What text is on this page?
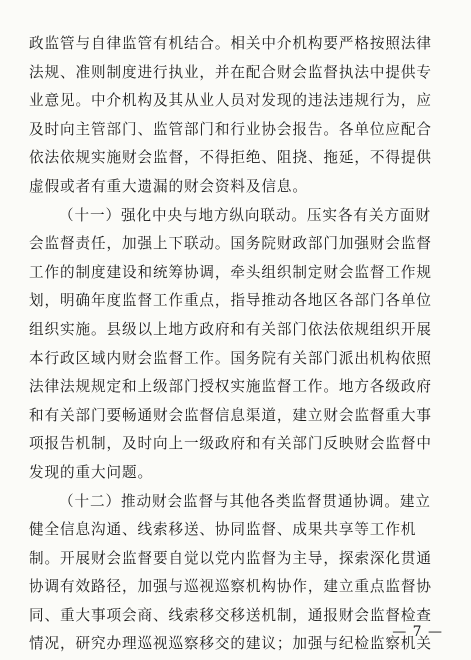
政监管与自律监管有机结合。相关中介机构要严格按照法律
法规、准则制度进行执业，并在配合财会监督执法中提供专
业意见。中介机构及其从业人员对发现的违法违规行为，应
及时向主管部门、监管部门和行业协会报告。各单位应配合
依法依规实施财会监督，不得拒绝、阻挠、拖延，不得提供
虚假或者有重大遗漏的财会资料及信息。
（十一）强化中央与地方纵向联动。压实各有关方面财
会监督责任，加强上下联动。国务院财政部门加强财会监督
工作的制度建设和统筹协调，牵头组织制定财会监督工作规
划，明确年度监督工作重点，指导推动各地区各部门各单位
组织实施。县级以上地方政府和有关部门依法依规组织开展
本行政区域内财会监督工作。国务院有关部门派出机构依照
法律法规规定和上级部门授权实施监督工作。地方各级政府
和有关部门要畅通财会监督信息渠道，建立财会监督重大事
项报告机制，及时向上一级政府和有关部门反映财会监督中
发现的重大问题。
（十二）推动财会监督与其他各类监督贯通协调。建立
健全信息沟通、线索移送、协同监督、成果共享等工作机
制。开展财会监督要自觉以党内监督为主导，探索深化贯通
协调有效路径，加强与巡视巡察机构协作，建立重点监督协
同、重大事项会商、线索移交移送机制，通报财会监督检查
情况，研究办理巡视巡察移交的建议；加强与纪检监察机关
— 7 —
